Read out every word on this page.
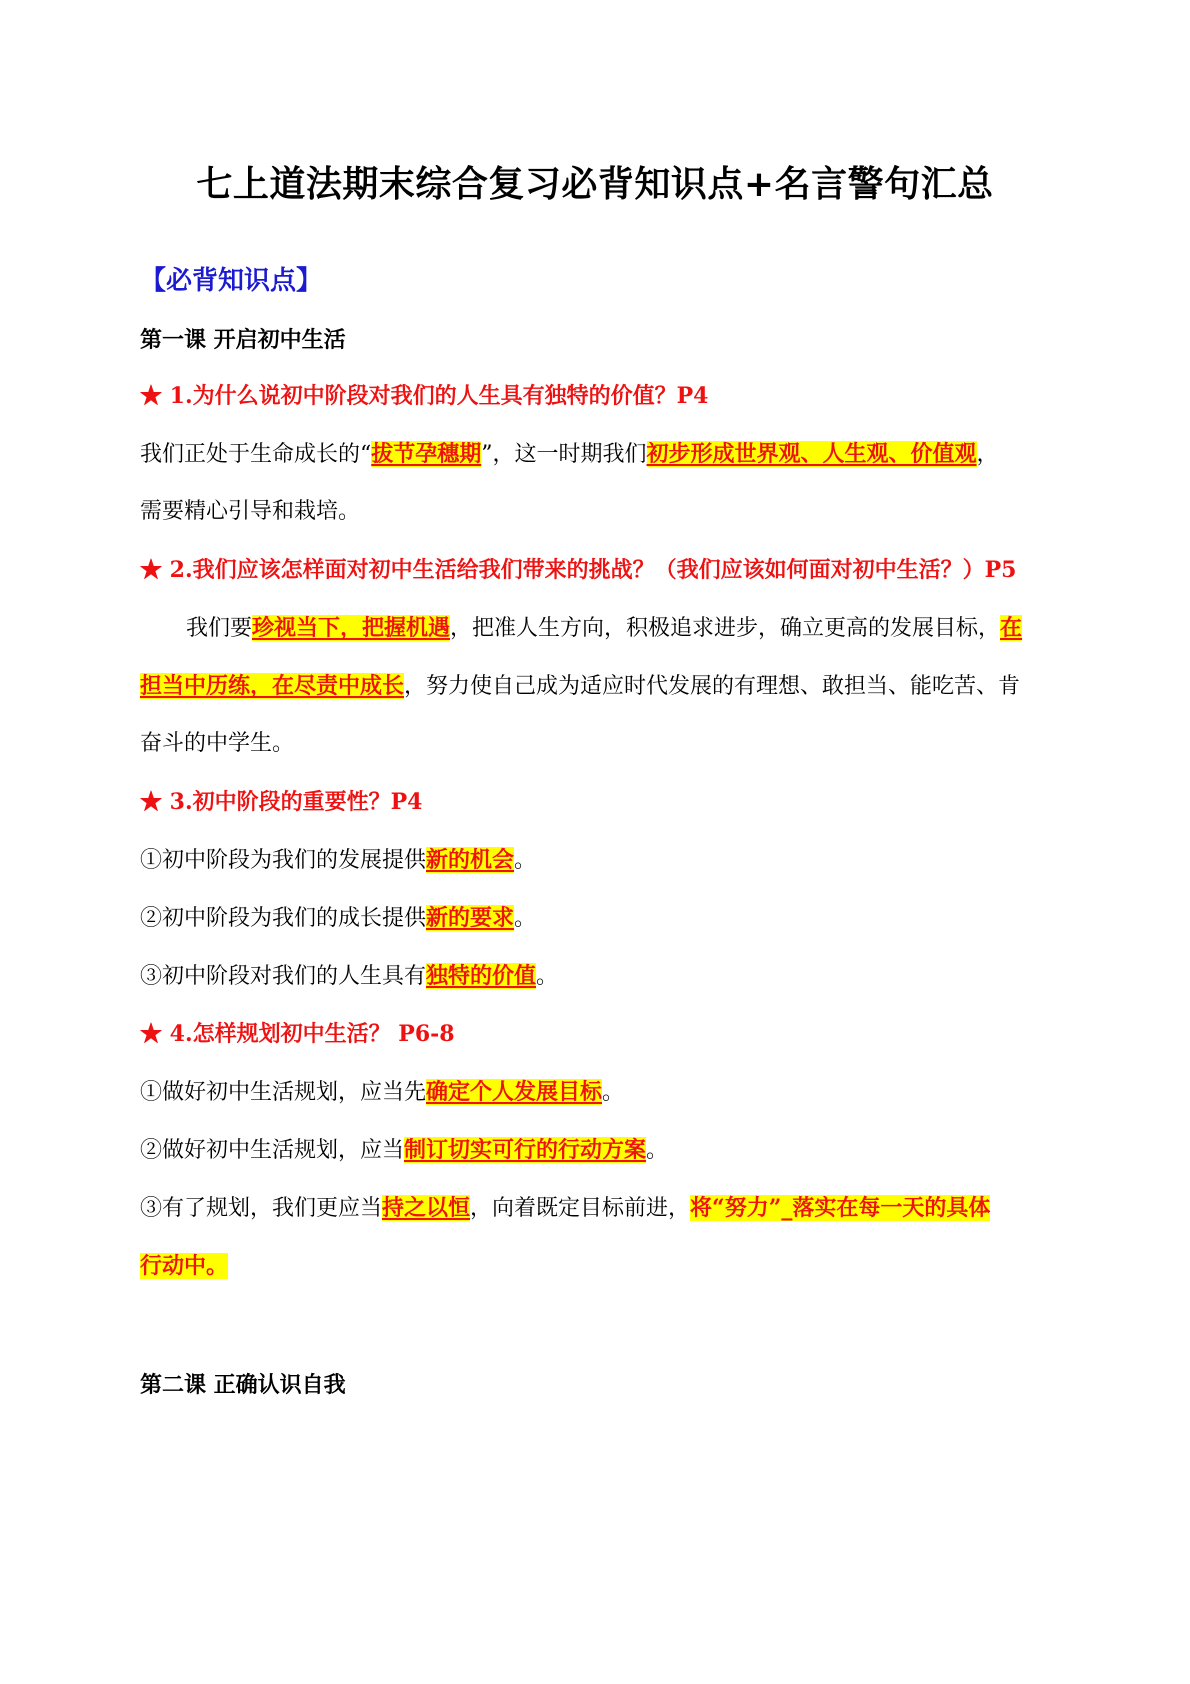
七上道法期末综合复习必背知识点+名言警句汇总
【必背知识点】
第一课 开启初中生活
★ 1.为什么说初中阶段对我们的人生具有独特的价值？P4
我们正处于生命成长的“拔节孕穗期”，这一时期我们初步形成世界观、人生观、价值观，
需要精心引导和栽培。
★ 2.我们应该怎样面对初中生活给我们带来的挑战？（我们应该如何面对初中生活？）P5
我们要珍视当下，把握机遇，把准人生方向，积极追求进步，确立更高的发展目标，在
担当中历练，在尽责中成长，努力使自己成为适应时代发展的有理想、敢担当、能吃苦、肯
奋斗的中学生。
★ 3.初中阶段的重要性？P4
①初中阶段为我们的发展提供新的机会。
②初中阶段为我们的成长提供新的要求。
③初中阶段对我们的人生具有独特的价值。
★ 4.怎样规划初中生活？ P6-8
①做好初中生活规划，应当先确定个人发展目标。
②做好初中生活规划，应当制订切实可行的行动方案。
③有了规划，我们更应当持之以恒，向着既定目标前进，将“努力”_落实在每一天的具体
行动中。
第二课 正确认识自我
